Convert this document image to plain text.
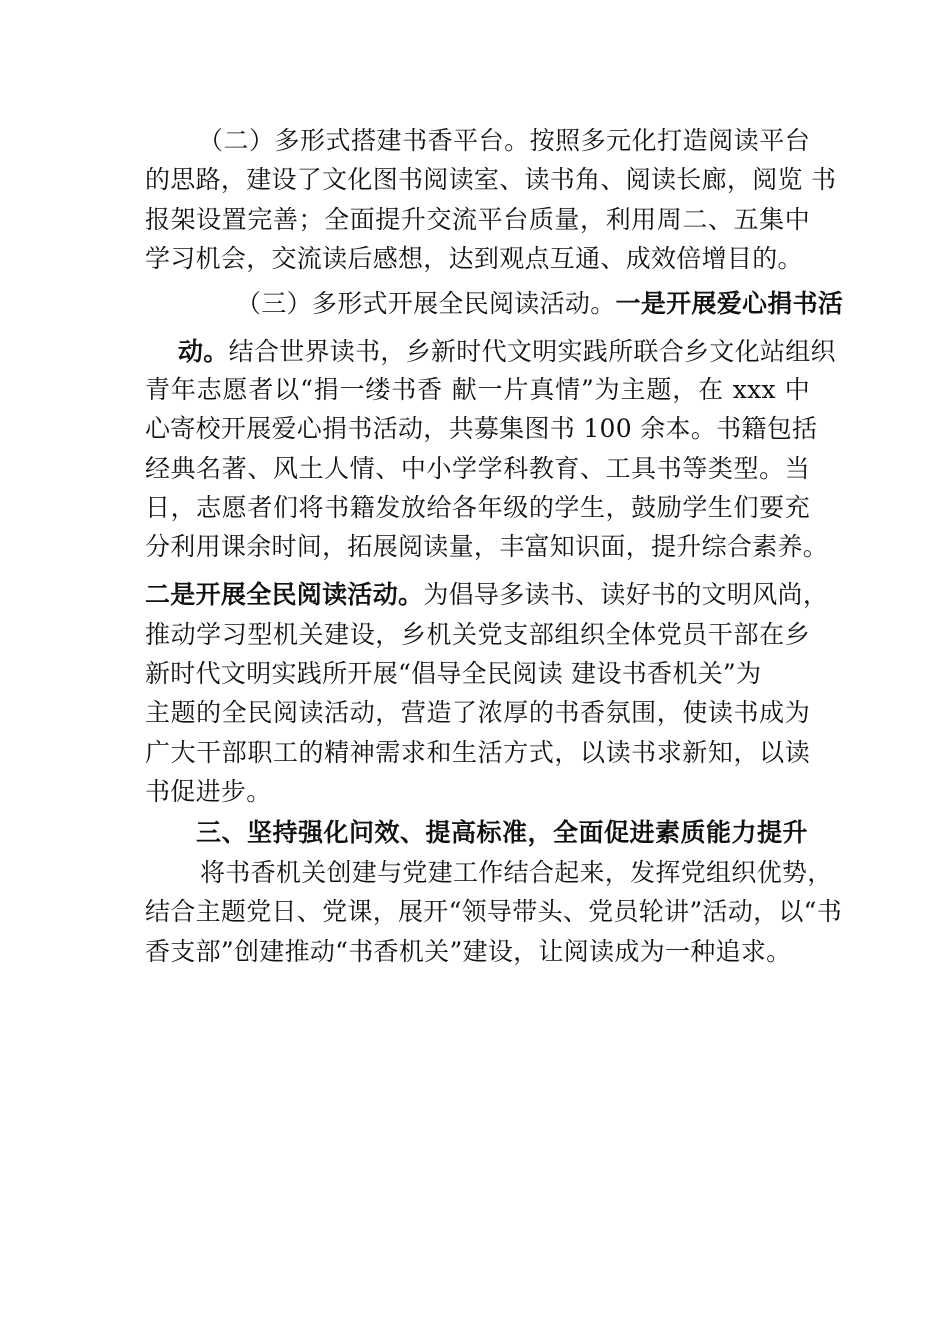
（二）多形式搭建书香平台。按照多元化打造阅读平台
的思路，建设了文化图书阅读室、读书角、阅读长廊，阅览 书
报架设置完善；全面提升交流平台质量，利用周二、五集中
学习机会，交流读后感想，达到观点互通、成效倍增目的。
（三）多形式开展全民阅读活动。一是开展爱心捐书活
动。结合世界读书，乡新时代文明实践所联合乡文化站组织
青年志愿者以“捐一缕书香 献一片真情”为主题，在 xxx 中
心寄校开展爱心捐书活动，共募集图书 100 余本。书籍包括
经典名著、风土人情、中小学学科教育、工具书等类型。当
日，志愿者们将书籍发放给各年级的学生，鼓励学生们要充
分利用课余时间，拓展阅读量，丰富知识面，提升综合素养。
二是开展全民阅读活动。为倡导多读书、读好书的文明风尚，
推动学习型机关建设，乡机关党支部组织全体党员干部在乡
新时代文明实践所开展“倡导全民阅读 建设书香机关”为
主题的全民阅读活动，营造了浓厚的书香氛围，使读书成为
广大干部职工的精神需求和生活方式，以读书求新知，以读
书促进步。
三、坚持强化问效、提高标准，全面促进素质能力提升
将书香机关创建与党建工作结合起来，发挥党组织优势，
结合主题党日、党课，展开“领导带头、党员轮讲”活动，以“书
香支部”创建推动“书香机关”建设，让阅读成为一种追求。
